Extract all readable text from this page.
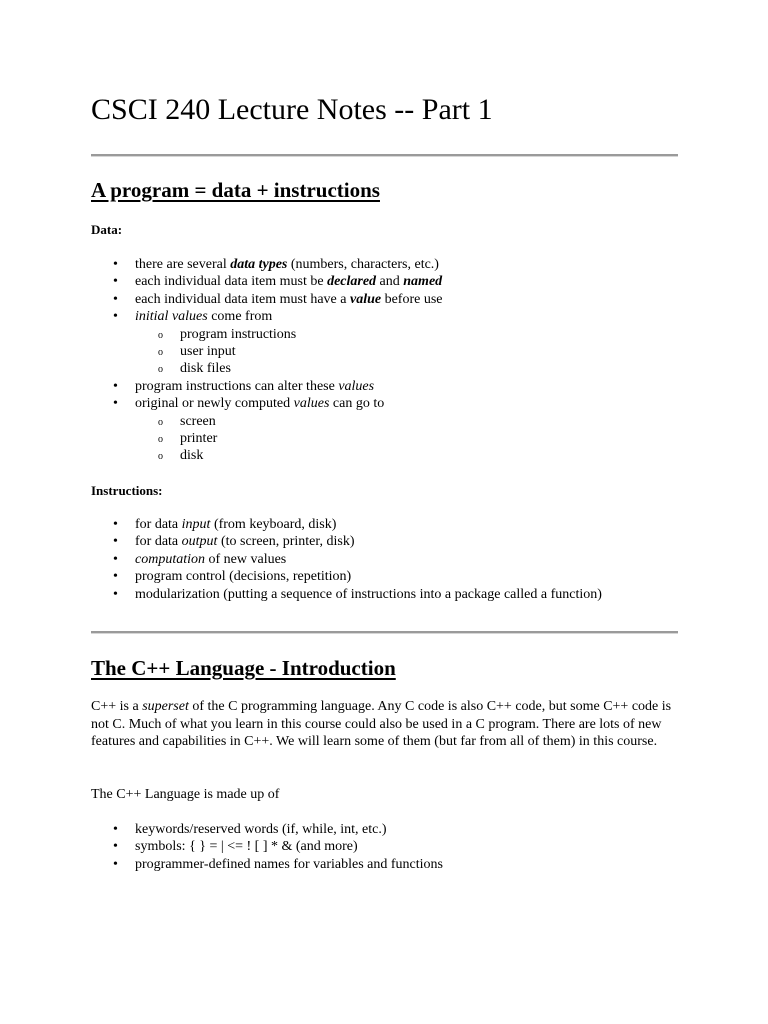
CSCI 240 Lecture Notes -- Part 1
A program = data + instructions
Data:
• there are several data types (numbers, characters, etc.)
• each individual data item must be declared and named
• each individual data item must have a value before use
• initial values come from
o program instructions
o user input
o disk files
• program instructions can alter these values
• original or newly computed values can go to
o screen
o printer
o disk
Instructions:
• for data input (from keyboard, disk)
• for data output (to screen, printer, disk)
• computation of new values
• program control (decisions, repetition)
• modularization (putting a sequence of instructions into a package called a function)
The C++ Language - Introduction

C++ is a superset of the C programming language. Any C code is also C++ code, but some C++ code is not C. Much of what you learn in this course could also be used in a C program. There are lots of new features and capabilities in C++. We will learn some of them (but far from all of them) in this course.

The C++ Language is made up of

• keywords/reserved words (if, while, int, etc.)
• symbols: { } = | <= ! [ ] * & (and more)
• programmer-defined names for variables and functions
